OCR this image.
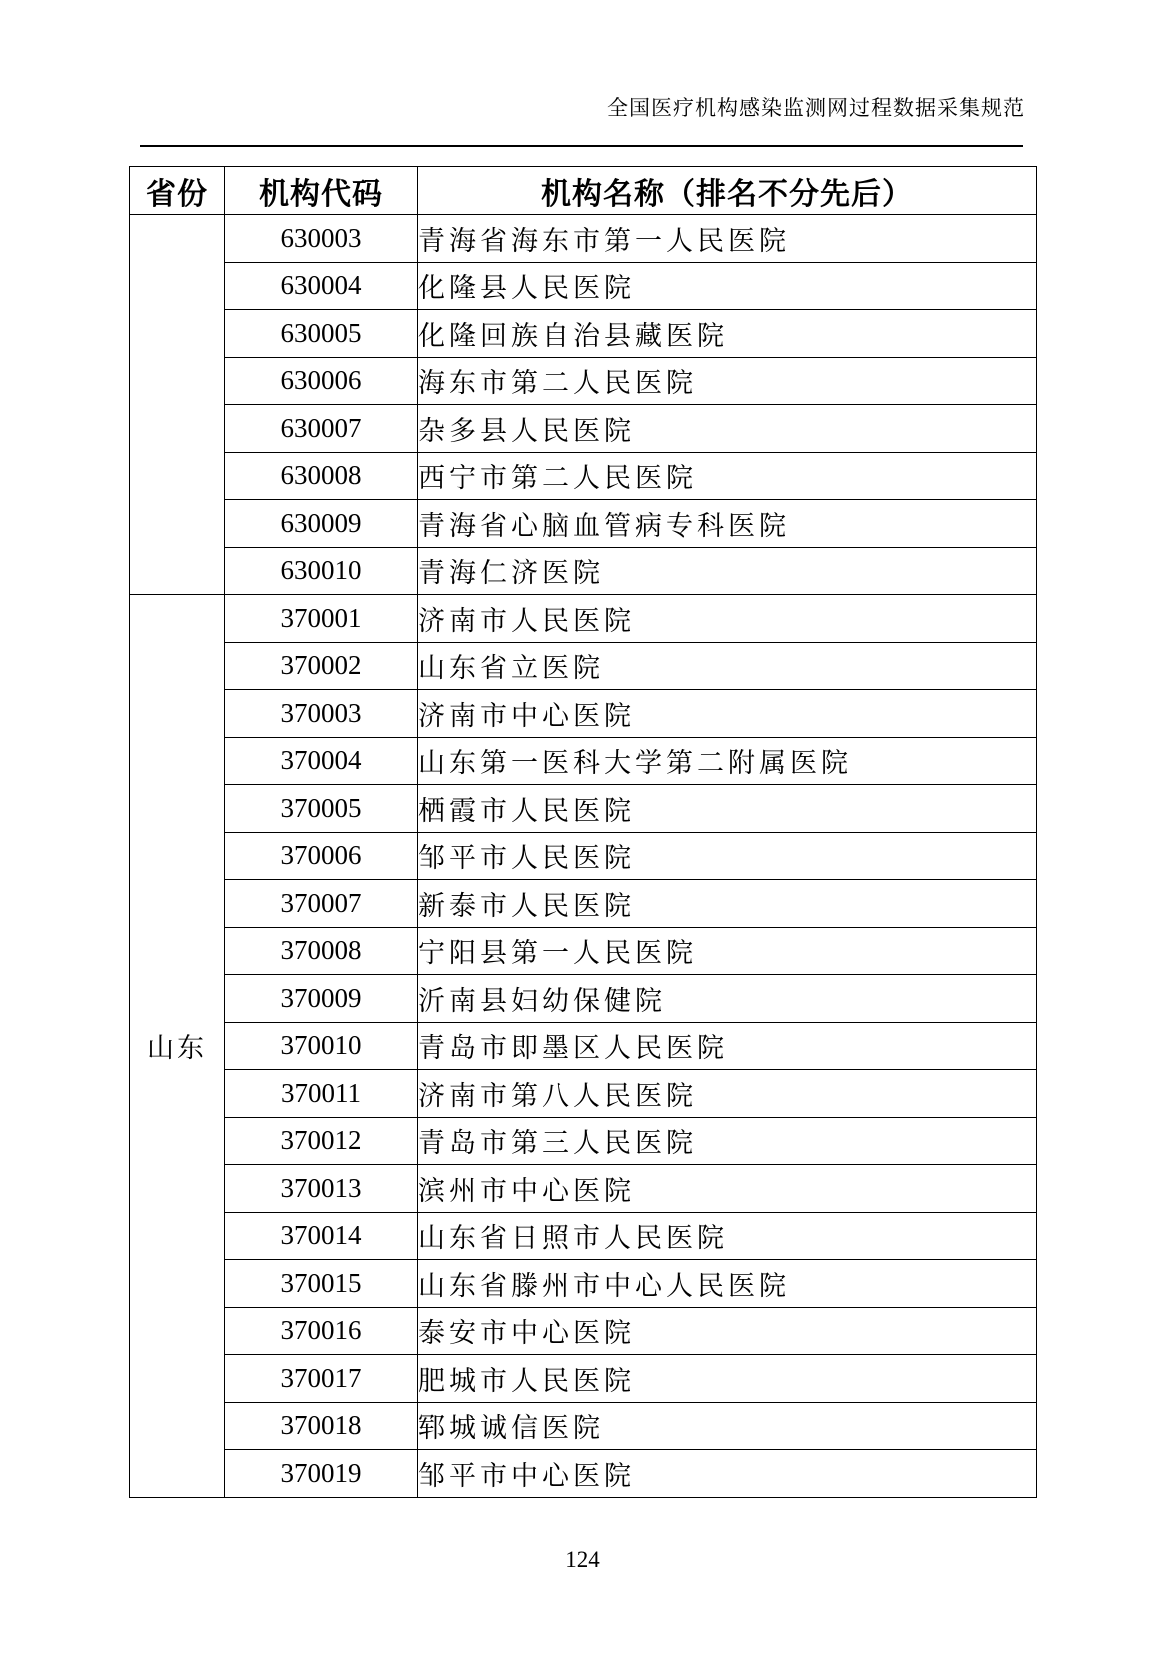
全国医疗机构感染监测网过程数据采集规范
省份	机构代码	机构名称（排名不分先后）
	630003	青海省海东市第一人民医院
	630004	化隆县人民医院
	630005	化隆回族自治县藏医院
	630006	海东市第二人民医院
	630007	杂多县人民医院
	630008	西宁市第二人民医院
	630009	青海省心脑血管病专科医院
	630010	青海仁济医院
山东	370001	济南市人民医院
	370002	山东省立医院
	370003	济南市中心医院
	370004	山东第一医科大学第二附属医院
	370005	栖霞市人民医院
	370006	邹平市人民医院
	370007	新泰市人民医院
	370008	宁阳县第一人民医院
	370009	沂南县妇幼保健院
	370010	青岛市即墨区人民医院
	370011	济南市第八人民医院
	370012	青岛市第三人民医院
	370013	滨州市中心医院
	370014	山东省日照市人民医院
	370015	山东省滕州市中心人民医院
	370016	泰安市中心医院
	370017	肥城市人民医院
	370018	郓城诚信医院
	370019	邹平市中心医院
124
